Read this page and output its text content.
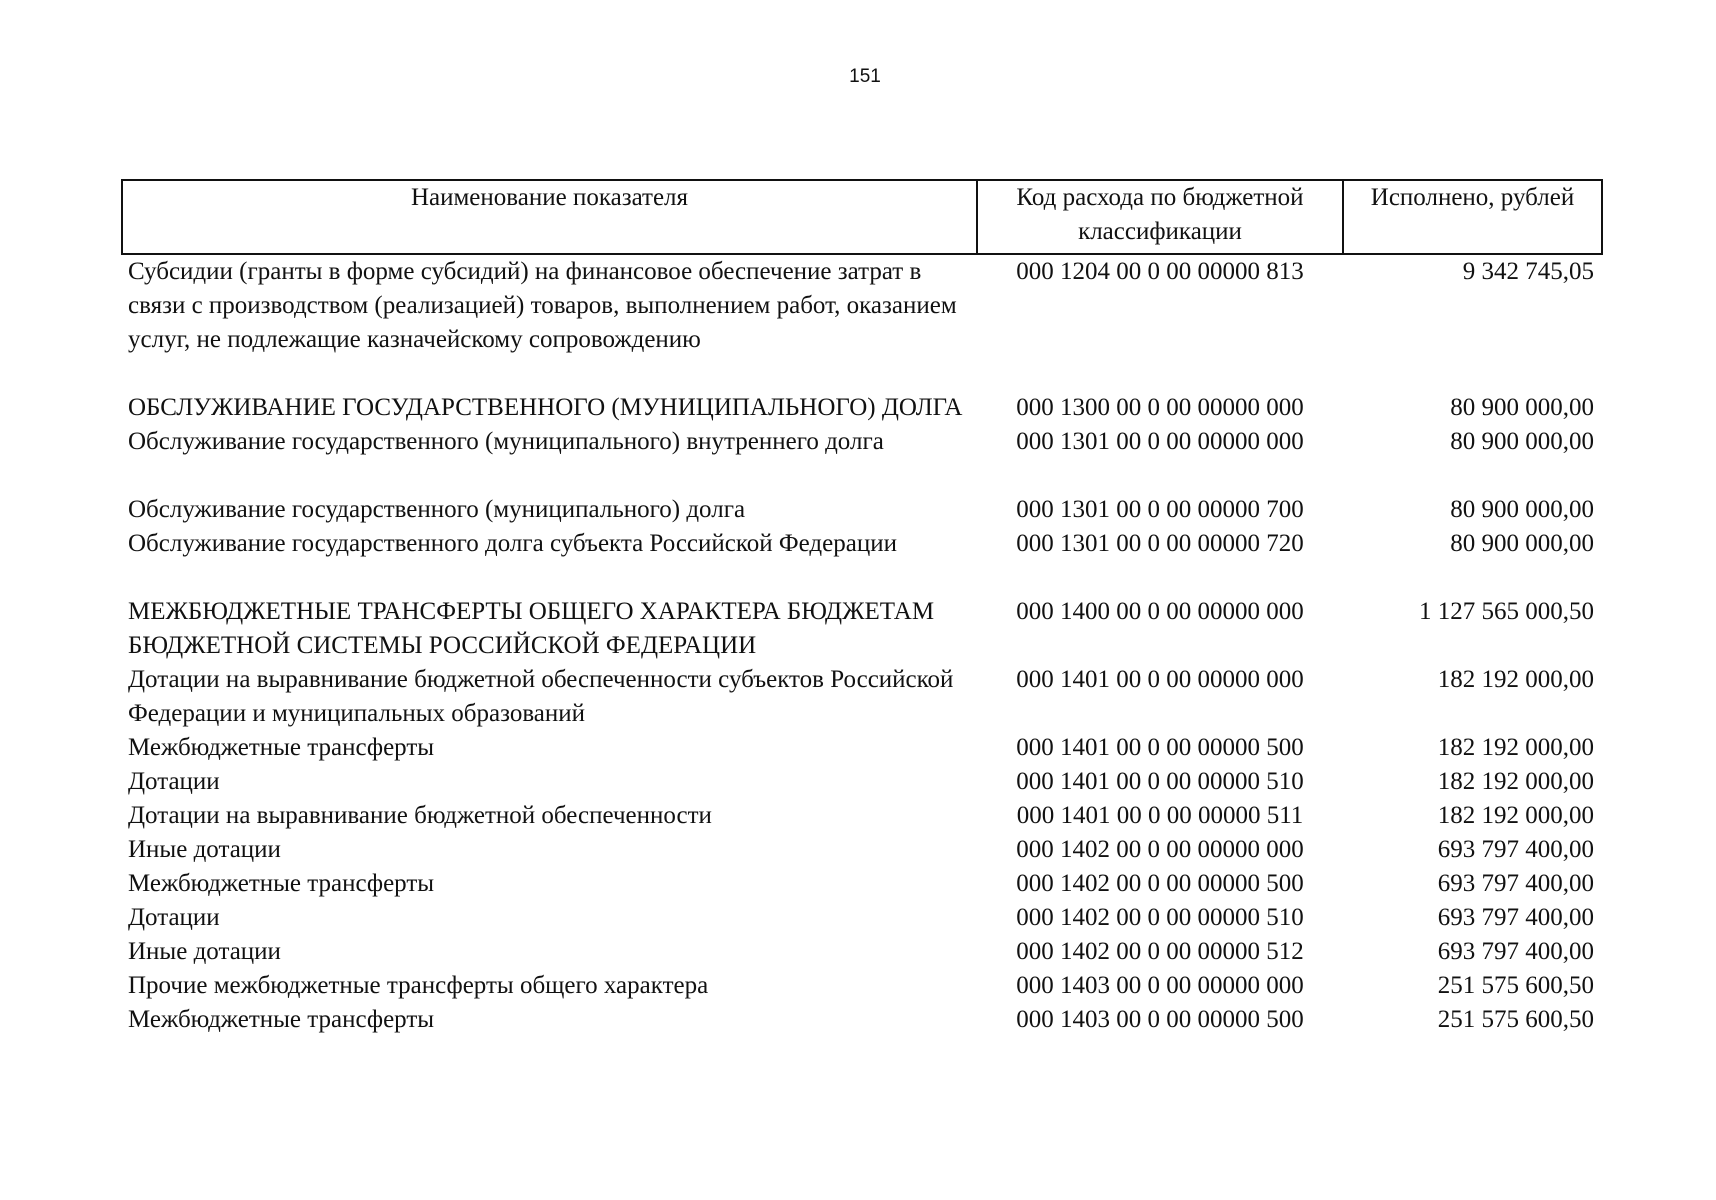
151
Наименование показателя	Код расхода по бюджетной классификации	Исполнено, рублей
Субсидии (гранты в форме субсидий) на финансовое обеспечение затрат в связи с производством (реализацией) товаров, выполнением работ, оказанием услуг, не подлежащие казначейскому сопровождению	000 1204 00 0 00 00000 813	9 342 745,05

ОБСЛУЖИВАНИЕ ГОСУДАРСТВЕННОГО (МУНИЦИПАЛЬНОГО) ДОЛГА	000 1300 00 0 00 00000 000	80 900 000,00
Обслуживание государственного (муниципального) внутреннего долга	000 1301 00 0 00 00000 000	80 900 000,00

Обслуживание государственного (муниципального) долга	000 1301 00 0 00 00000 700	80 900 000,00
Обслуживание государственного долга субъекта Российской Федерации	000 1301 00 0 00 00000 720	80 900 000,00

МЕЖБЮДЖЕТНЫЕ ТРАНСФЕРТЫ ОБЩЕГО ХАРАКТЕРА БЮДЖЕТАМ БЮДЖЕТНОЙ СИСТЕМЫ РОССИЙСКОЙ ФЕДЕРАЦИИ	000 1400 00 0 00 00000 000	1 127 565 000,50
Дотации на выравнивание бюджетной обеспеченности субъектов Российской Федерации и муниципальных образований	000 1401 00 0 00 00000 000	182 192 000,00
Межбюджетные трансферты	000 1401 00 0 00 00000 500	182 192 000,00
Дотации	000 1401 00 0 00 00000 510	182 192 000,00
Дотации на выравнивание бюджетной обеспеченности	000 1401 00 0 00 00000 511	182 192 000,00
Иные дотации	000 1402 00 0 00 00000 000	693 797 400,00
Межбюджетные трансферты	000 1402 00 0 00 00000 500	693 797 400,00
Дотации	000 1402 00 0 00 00000 510	693 797 400,00
Иные дотации	000 1402 00 0 00 00000 512	693 797 400,00
Прочие межбюджетные трансферты общего характера	000 1403 00 0 00 00000 000	251 575 600,50
Межбюджетные трансферты	000 1403 00 0 00 00000 500	251 575 600,50
